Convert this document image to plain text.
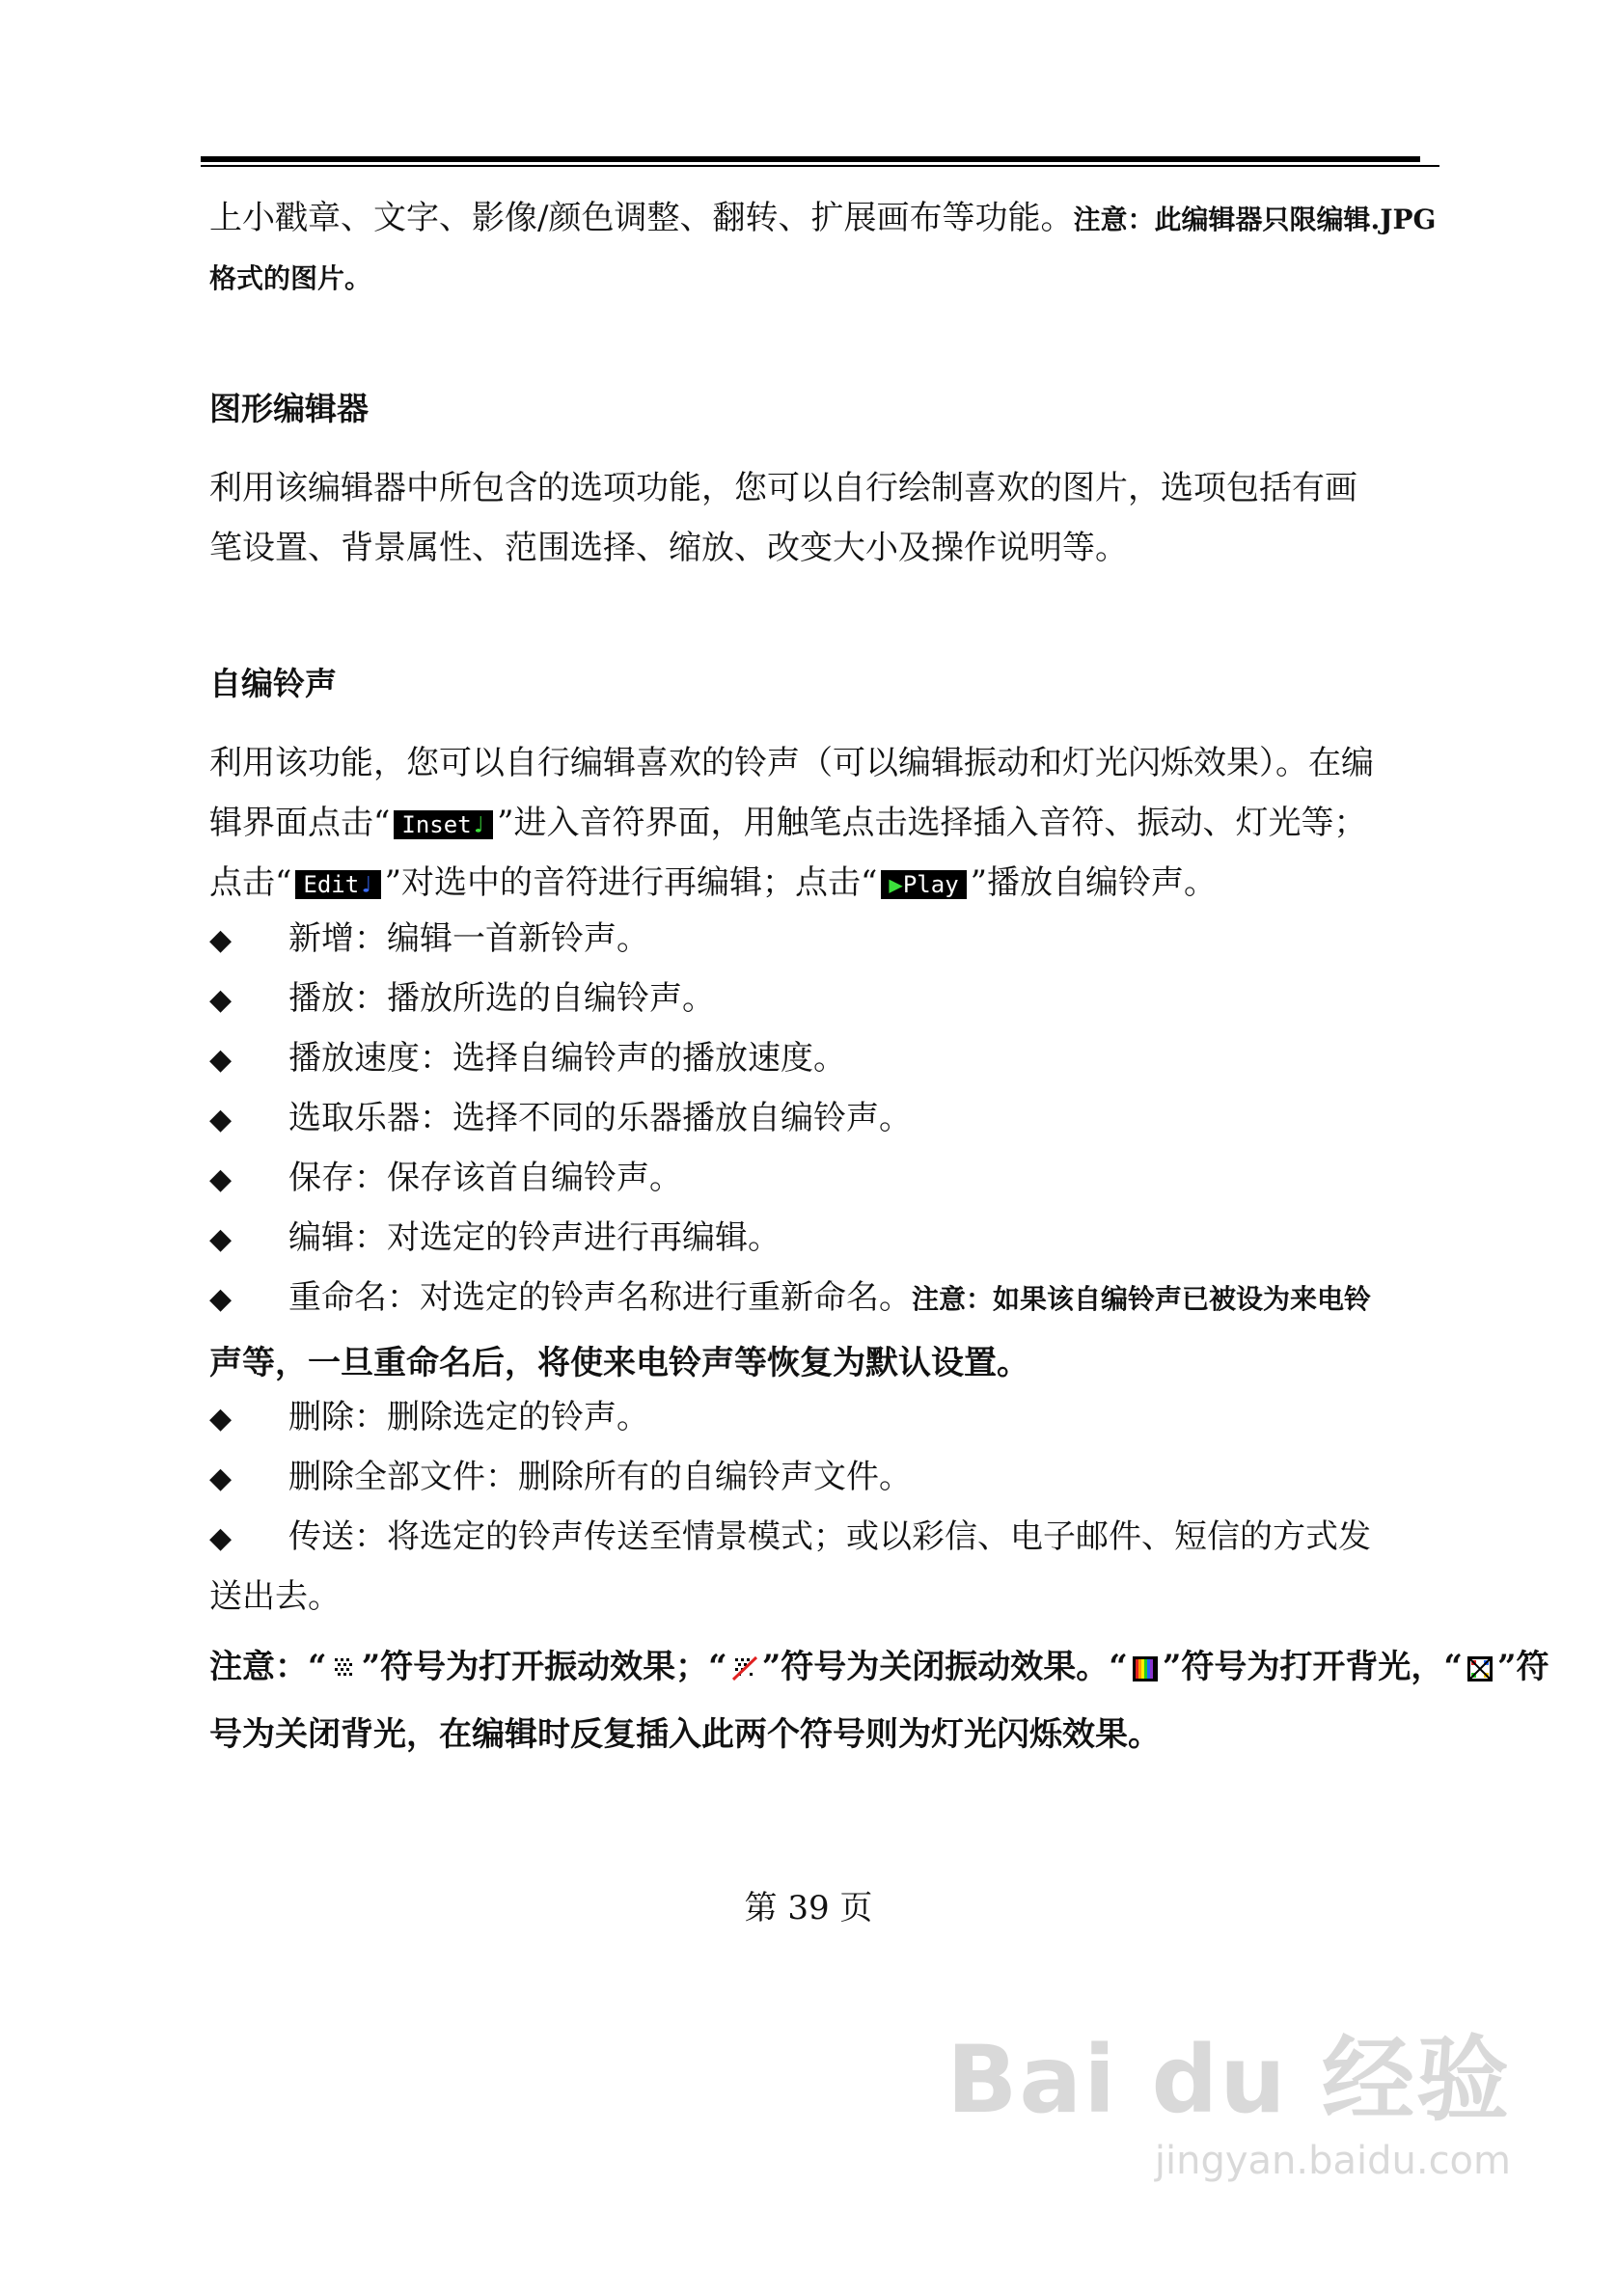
上小戳章、文字、影像/颜色调整、翻转、扩展画布等功能。注意：此编辑器只限编辑.JPG
格式的图片。
图形编辑器
利用该编辑器中所包含的选项功能，您可以自行绘制喜欢的图片，选项包括有画
笔设置、背景属性、范围选择、缩放、改变大小及操作说明等。
自编铃声
利用该功能，您可以自行编辑喜欢的铃声（可以编辑振动和灯光闪烁效果）。在编
辑界面点击“ Inset♩ ”进入音符界面，用触笔点击选择插入音符、振动、灯光等；
点击“ Edit♩ ”对选中的音符进行再编辑；点击“ ▶Play ”播放自编铃声。
◆ 新增：编辑一首新铃声。
◆ 播放：播放所选的自编铃声。
◆ 播放速度：选择自编铃声的播放速度。
◆ 选取乐器：选择不同的乐器播放自编铃声。
◆ 保存：保存该首自编铃声。
◆ 编辑：对选定的铃声进行再编辑。
◆ 重命名：对选定的铃声名称进行重新命名。注意：如果该自编铃声已被设为来电铃
声等，一旦重命名后，将使来电铃声等恢复为默认设置。
◆ 删除：删除选定的铃声。
◆ 删除全部文件：删除所有的自编铃声文件。
◆ 传送：将选定的铃声传送至情景模式；或以彩信、电子邮件、短信的方式发
送出去。
注意：“ ”符号为打开振动效果；“ ”符号为关闭振动效果。“ ”符号为打开背光，“ ”符
号为关闭背光，在编辑时反复插入此两个符号则为灯光闪烁效果。
第 39 页
Bai du 经验
jingyan.baidu.com
